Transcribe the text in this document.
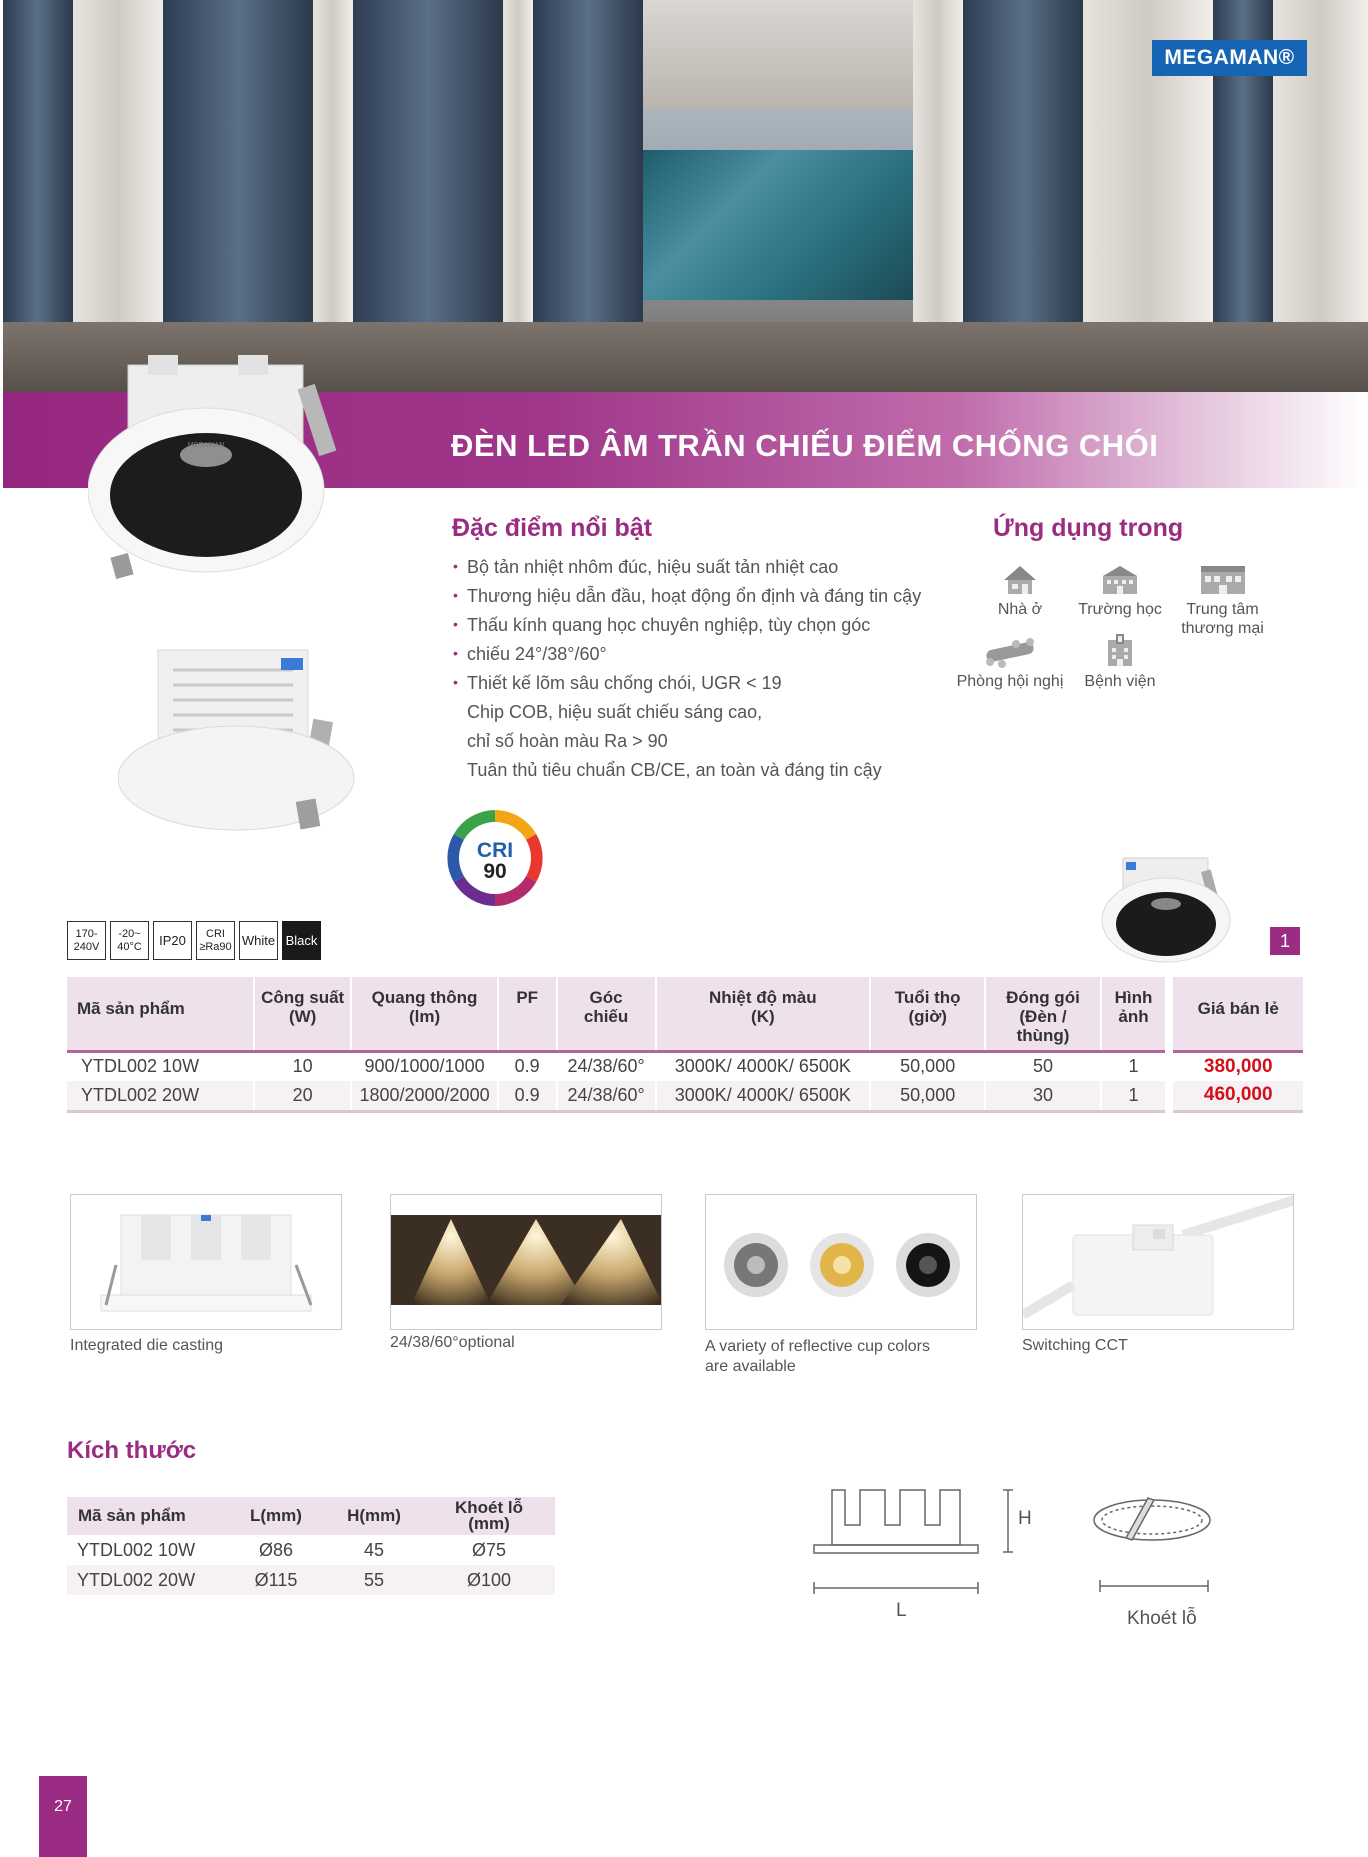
MEGAMAN®
ĐÈN LED ÂM TRẦN CHIẾU ĐIỂM CHỐNG CHÓI
MEGAMAN
Đặc điểm nổi bật
• Bộ tản nhiệt nhôm đúc, hiệu suất tản nhiệt cao
• Thương hiệu dẫn đầu, hoạt động ổn định và đáng tin cậy
• Thấu kính quang học chuyên nghiệp, tùy chọn góc
• chiếu 24°/38°/60°
• Thiết kế lõm sâu chống chói, UGR < 19
Chip COB, hiệu suất chiếu sáng cao,
chỉ số hoàn màu Ra > 90
Tuân thủ tiêu chuẩn CB/CE, an toàn và đáng tin cậy
Ứng dụng trong
Nhà ở	Trường học	Trung tâm
thương mại
Phòng hội nghị	Bệnh viện
CRI
90
170-
240V
-20~
40°C	IP20	CRI
≥Ra90 White Black	1
Mã sản phẩm	Công suất
(W)	Quang thông
(lm)	PF	Góc
chiếu	Nhiệt độ màu
(K)	Tuổi thọ
(giờ)	Đóng gói
(Đèn /
thùng)	Hình
ảnh		Giá bán lẻ
YTDL002 10W	10	900/1000/1000	0.9	24/38/60°	3000K/ 4000K/ 6500K	50,000	50	1		380,000
YTDL002 20W	20	1800/2000/2000	0.9	24/38/60°	3000K/ 4000K/ 6500K	50,000	30	1		460,000
Integrated die casting	24/38/60°optional	A variety of reflective cup colors
are available
Switching CCT
Kích thước
Mã sản phẩm	L(mm)	H(mm)	Khoét lỗ
(mm)
YTDL002 10W	Ø86	45	Ø75
YTDL002 20W	Ø115	55	Ø100
H
L	Khoét lỗ
27
